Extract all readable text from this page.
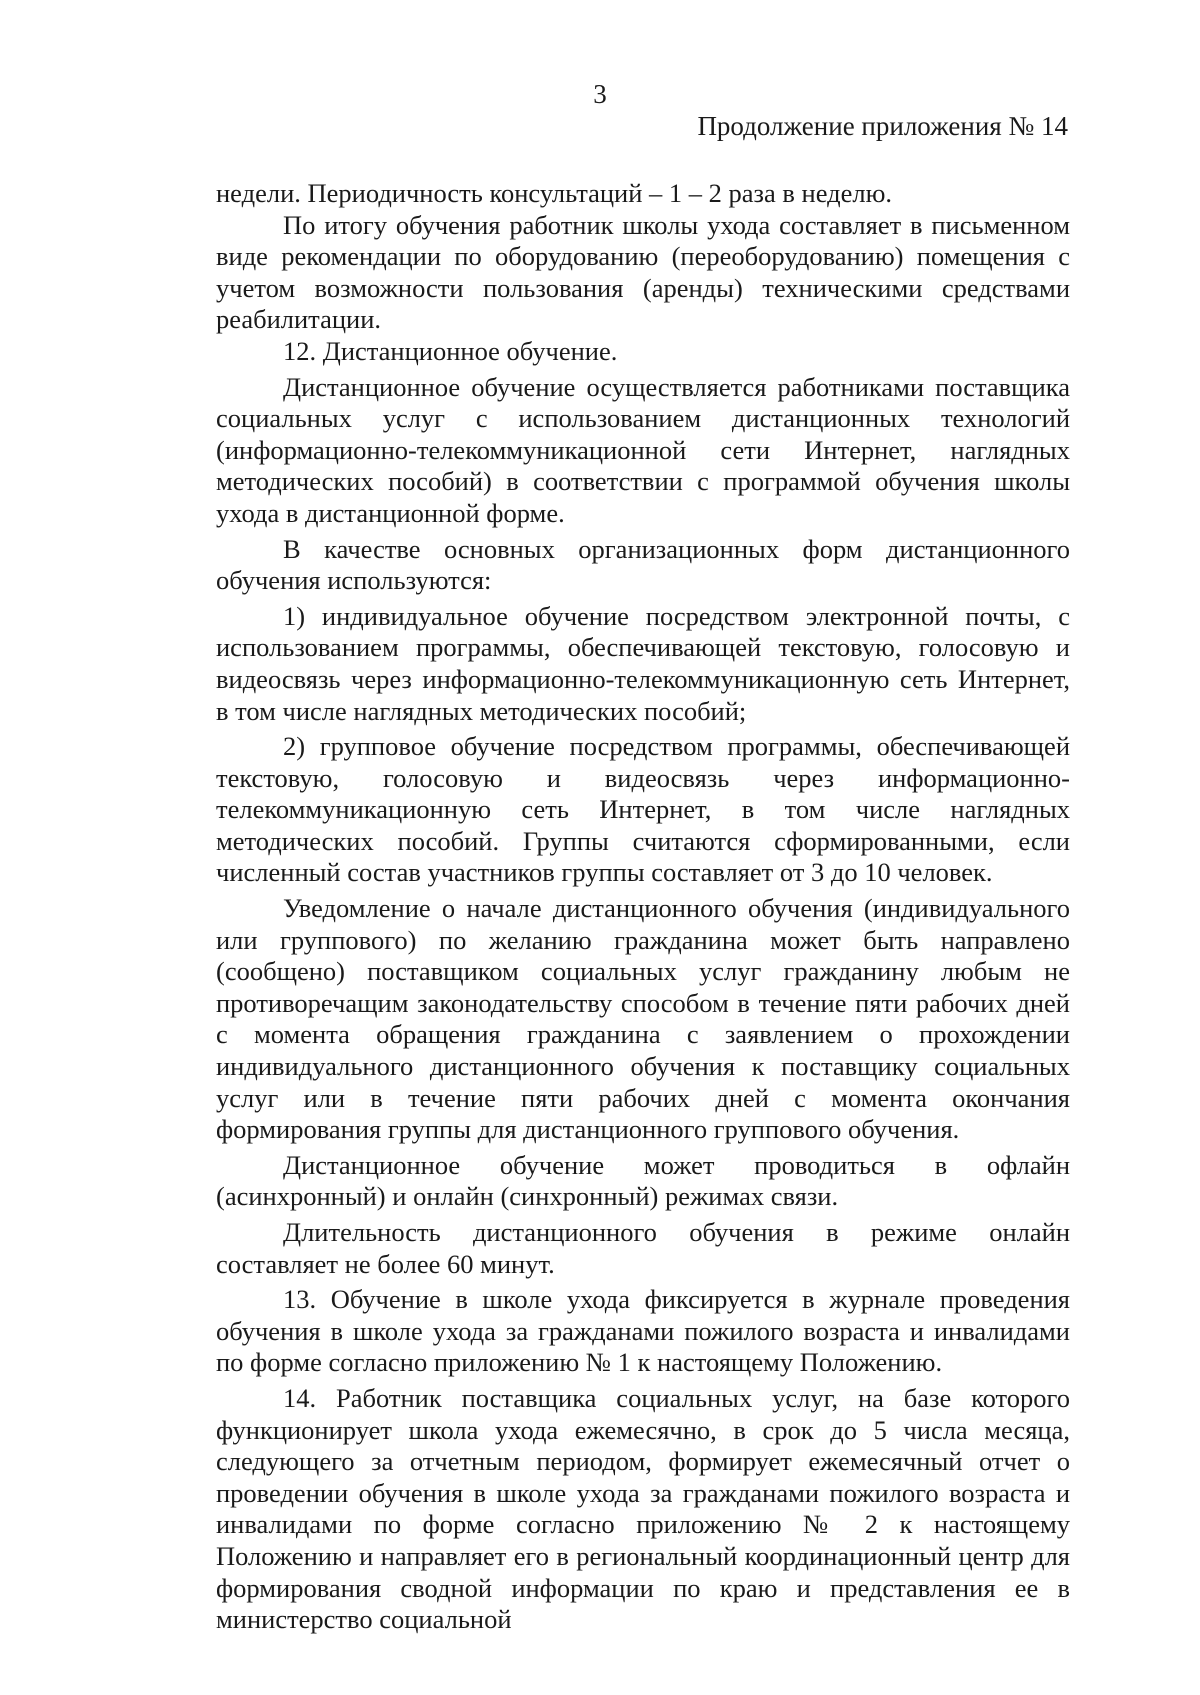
3
Продолжение приложения № 14

недели. Периодичность консультаций – 1 – 2 раза в неделю.

По итогу обучения работник школы ухода составляет в письменном виде рекомендации по оборудованию (переоборудованию) помещения с учетом возможности пользования (аренды) техническими средствами реабилитации.

12. Дистанционное обучение.

Дистанционное обучение осуществляется работниками поставщика социальных услуг с использованием дистанционных технологий (информационно-телекоммуникационной сети Интернет, наглядных методических пособий) в соответствии с программой обучения школы ухода в дистанционной форме.

В качестве основных организационных форм дистанционного обучения используются:

1) индивидуальное обучение посредством электронной почты, с использованием программы, обеспечивающей текстовую, голосовую и видеосвязь через информационно-телекоммуникационную сеть Интернет, в том числе наглядных методических пособий;

2) групповое обучение посредством программы, обеспечивающей текстовую, голосовую и видеосвязь через информационно-телекоммуникационную сеть Интернет, в том числе наглядных методических пособий. Группы считаются сформированными, если численный состав участников группы составляет от 3 до 10 человек.

Уведомление о начале дистанционного обучения (индивидуального или группового) по желанию гражданина может быть направлено (сообщено) поставщиком социальных услуг гражданину любым не противоречащим законодательству способом в течение пяти рабочих дней с момента обращения гражданина с заявлением о прохождении индивидуального дистанционного обучения к поставщику социальных услуг или в течение пяти рабочих дней с момента окончания формирования группы для дистанционного группового обучения.

Дистанционное обучение может проводиться в офлайн (асинхронный) и онлайн (синхронный) режимах связи.

Длительность дистанционного обучения в режиме онлайн составляет не более 60 минут.

13. Обучение в школе ухода фиксируется в журнале проведения обучения в школе ухода за гражданами пожилого возраста и инвалидами по форме согласно приложению № 1 к настоящему Положению.

14. Работник поставщика социальных услуг, на базе которого функционирует школа ухода ежемесячно, в срок до 5 числа месяца, следующего за отчетным периодом, формирует ежемесячный отчет о проведении обучения в школе ухода за гражданами пожилого возраста и инвалидами по форме согласно приложению № 2 к настоящему Положению и направляет его в региональный координационный центр для формирования сводной информации по краю и представления ее в министерство социальной
